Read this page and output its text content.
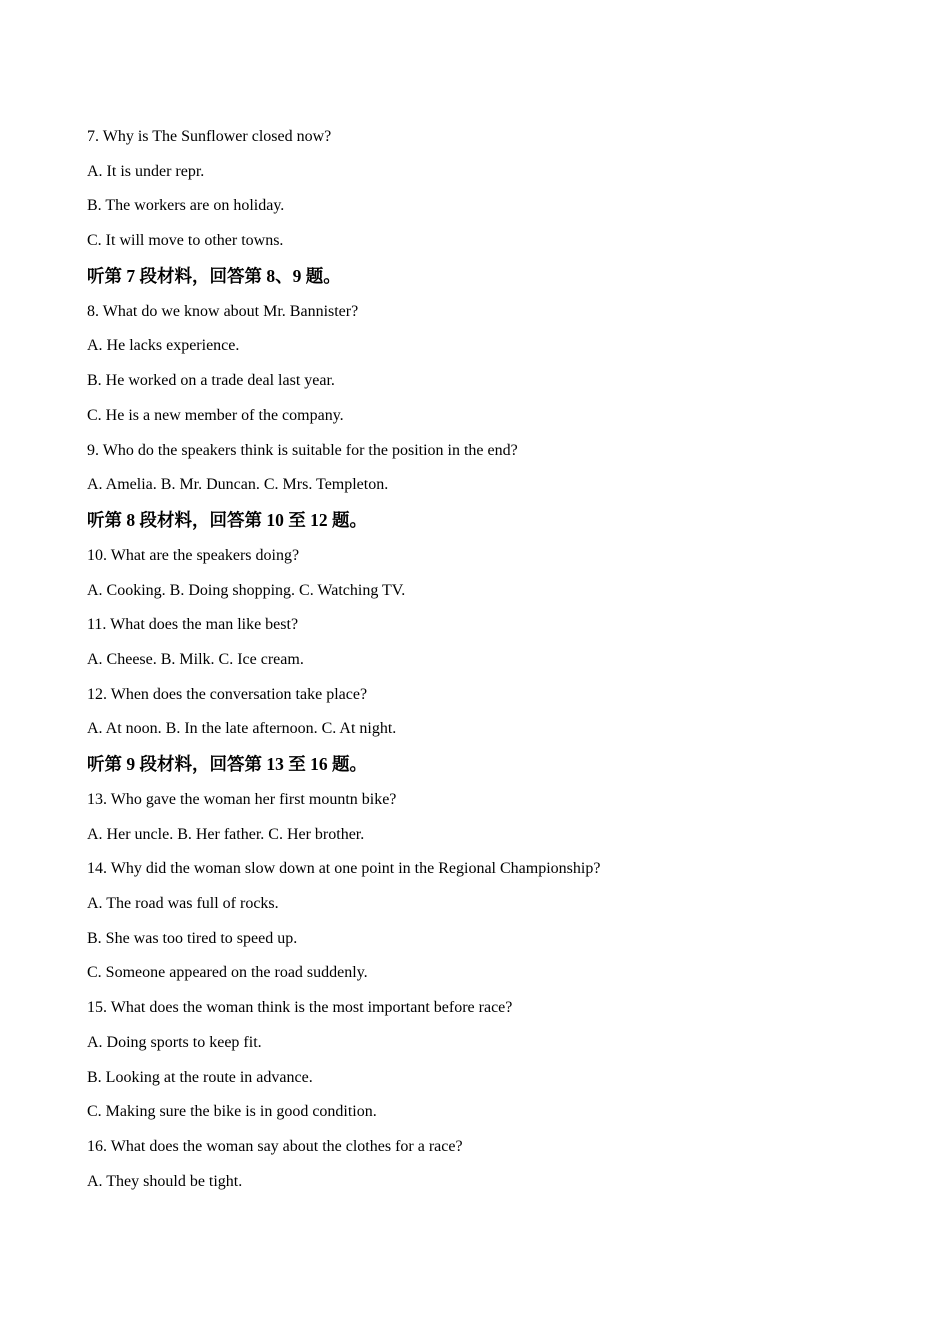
7. Why is The Sunflower closed now?
A. It is under repr.
B. The workers are on holiday.
C. It will move to other towns.
听第 7 段材料，回答第 8、9 题。
8. What do we know about Mr. Bannister?
A. He lacks experience.
B. He worked on a trade deal last year.
C. He is a new member of the company.
9. Who do the speakers think is suitable for the position in the end?
A. Amelia. B. Mr. Duncan. C. Mrs. Templeton.
听第 8 段材料，回答第 10 至 12 题。
10. What are the speakers doing?
A. Cooking. B. Doing shopping. C. Watching TV.
11. What does the man like best?
A. Cheese. B. Milk. C. Ice cream.
12. When does the conversation take place?
A. At noon. B. In the late afternoon. C. At night.
听第 9 段材料，回答第 13 至 16 题。
13. Who gave the woman her first mountn bike?
A. Her uncle. B. Her father. C. Her brother.
14. Why did the woman slow down at one point in the Regional Championship?
A. The road was full of rocks.
B. She was too tired to speed up.
C. Someone appeared on the road suddenly.
15. What does the woman think is the most important before race?
A. Doing sports to keep fit.
B. Looking at the route in advance.
C. Making sure the bike is in good condition.
16. What does the woman say about the clothes for a race?
A. They should be tight.
